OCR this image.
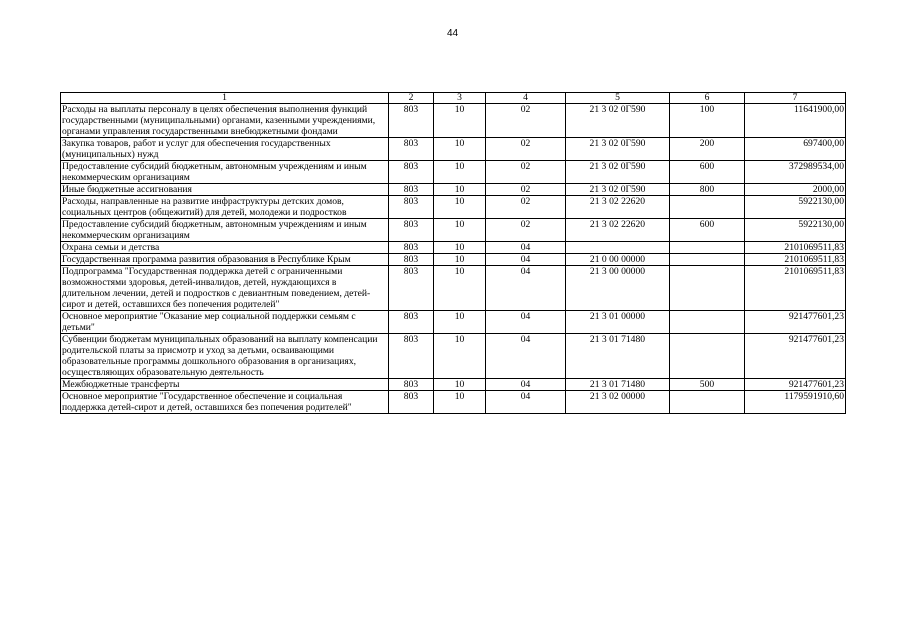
44
1	2	3	4	5	6	7
Расходы на выплаты персоналу в целях обеспечения выполнения функций государственными (муниципальными) органами, казенными учреждениями, органами управления государственными внебюджетными фондами	803	10	02	21 3 02 0Г590	100	11641900,00
Закупка товаров, работ и услуг для обеспечения государственных (муниципальных) нужд	803	10	02	21 3 02 0Г590	200	697400,00
Предоставление субсидий бюджетным, автономным учреждениям и иным некоммерческим организациям	803	10	02	21 3 02 0Г590	600	372989534,00
Иные бюджетные ассигнования	803	10	02	21 3 02 0Г590	800	2000,00
Расходы, направленные на развитие инфраструктуры детских домов, социальных центров (общежитий) для детей, молодежи и подростков	803	10	02	21 3 02 22620		5922130,00
Предоставление субсидий бюджетным, автономным учреждениям и иным некоммерческим организациям	803	10	02	21 3 02 22620	600	5922130,00
Охрана семьи и детства	803	10	04			2101069511,83
Государственная программа развития образования в Республике Крым	803	10	04	21 0 00 00000		2101069511,83
Подпрограмма "Государственная поддержка детей с ограниченными возможностями здоровья, детей-инвалидов, детей, нуждающихся в длительном лечении, детей и подростков с девиантным поведением, детей-сирот и детей, оставшихся без попечения родителей"	803	10	04	21 3 00 00000		2101069511,83
Основное мероприятие "Оказание мер социальной поддержки семьям с детьми"	803	10	04	21 3 01 00000		921477601,23
Субвенции бюджетам муниципальных образований на выплату компенсации родительской платы за присмотр и уход за детьми, осваивающими образовательные программы дошкольного образования в организациях, осуществляющих образовательную деятельность	803	10	04	21 3 01 71480		921477601,23
Межбюджетные трансферты	803	10	04	21 3 01 71480	500	921477601,23
Основное мероприятие "Государственное обеспечение и социальная поддержка детей-сирот и детей, оставшихся без попечения родителей"	803	10	04	21 3 02 00000		1179591910,60
